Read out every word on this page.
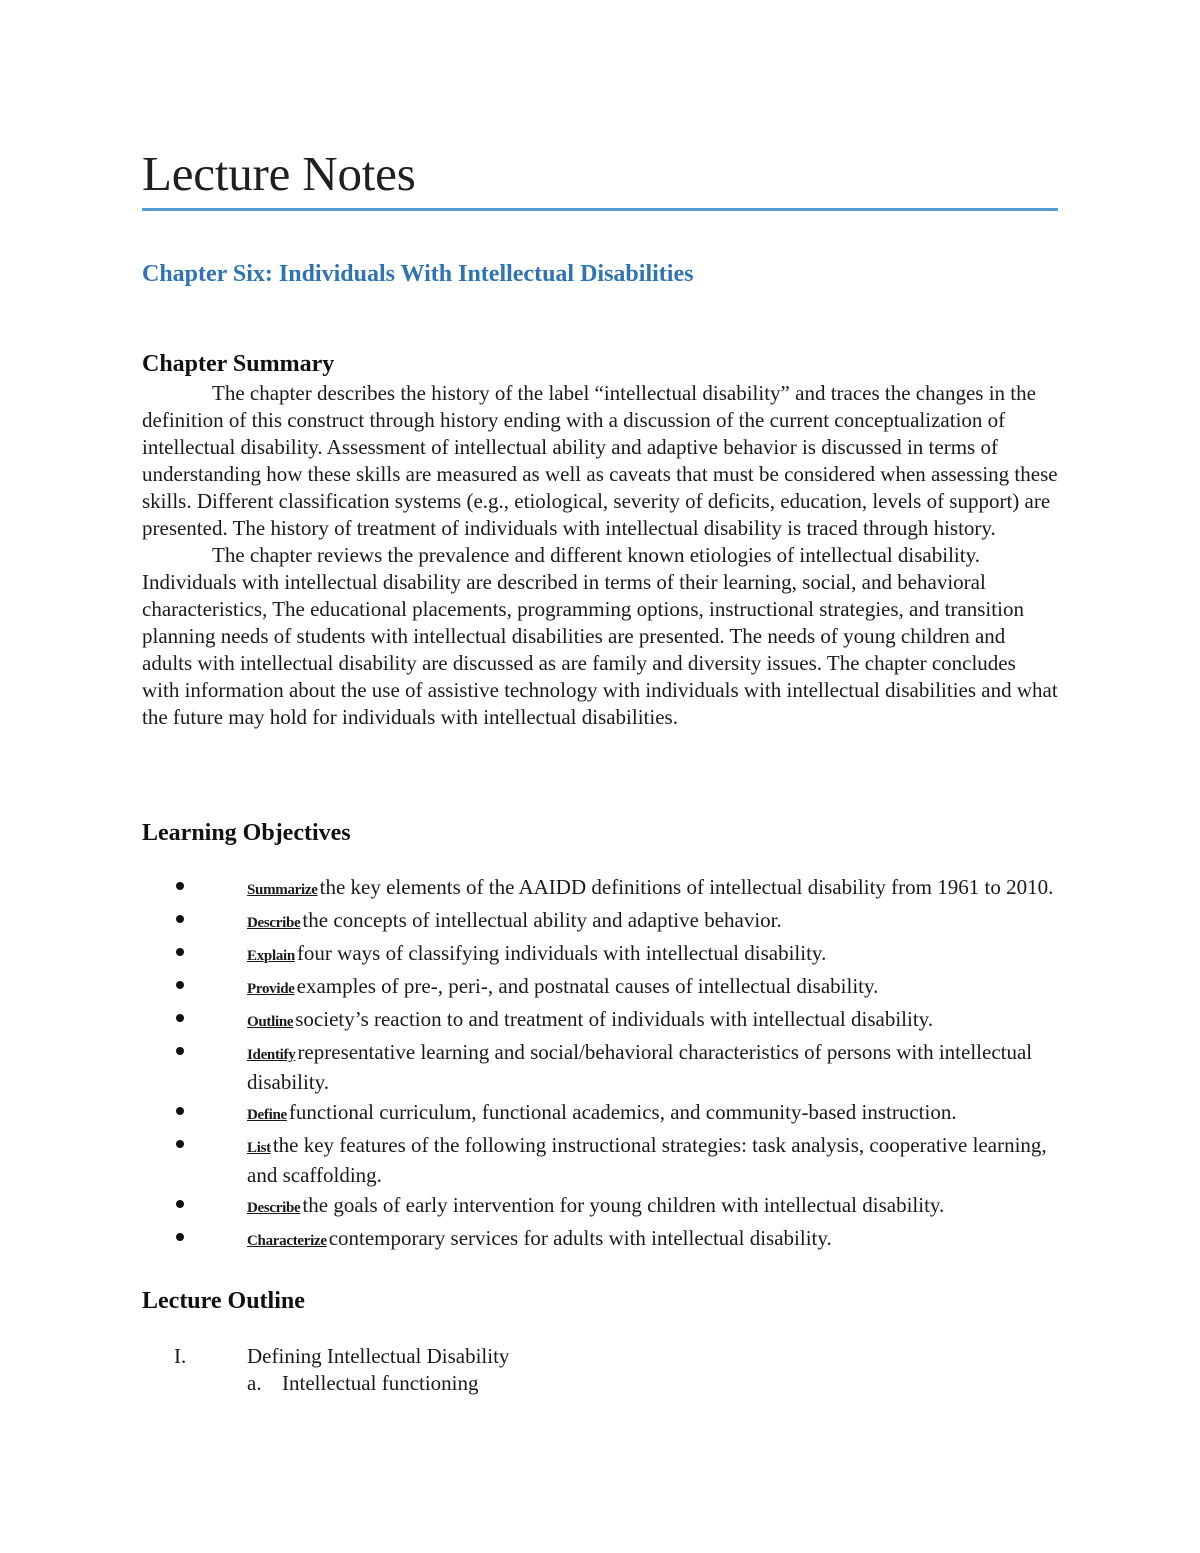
Lecture Notes
Chapter Six: Individuals With Intellectual Disabilities
Chapter Summary

The chapter describes the history of the label “intellectual disability” and traces the changes in the definition of this construct through history ending with a discussion of the current conceptualization of intellectual disability. Assessment of intellectual ability and adaptive behavior is discussed in terms of understanding how these skills are measured as well as caveats that must be considered when assessing these skills. Different classification systems (e.g., etiological, severity of deficits, education, levels of support) are presented. The history of treatment of individuals with intellectual disability is traced through history.

The chapter reviews the prevalence and different known etiologies of intellectual disability. Individuals with intellectual disability are described in terms of their learning, social, and behavioral characteristics, The educational placements, programming options, instructional strategies, and transition planning needs of students with intellectual disabilities are presented. The needs of young children and adults with intellectual disability are discussed as are family and diversity issues. The chapter concludes with information about the use of assistive technology with individuals with intellectual disabilities and what the future may hold for individuals with intellectual disabilities.

Learning Objectives
Summarizethe key elements of the AAIDD definitions of intellectual disability from 1961 to 2010.
Describethe concepts of intellectual ability and adaptive behavior.
Explainfour ways of classifying individuals with intellectual disability.
Provideexamples of pre-, peri-, and postnatal causes of intellectual disability.
Outlinesociety’s reaction to and treatment of individuals with intellectual disability.
Identifyrepresentative learning and social/behavioral characteristics of persons with intellectual disability.
Definefunctional curriculum, functional academics, and community-based instruction.
Listthe key features of the following instructional strategies: task analysis, cooperative learning, and scaffolding.
Describethe goals of early intervention for young children with intellectual disability.
Characterizecontemporary services for adults with intellectual disability.
Lecture Outline
I.	Defining Intellectual Disability
a. Intellectual functioning
